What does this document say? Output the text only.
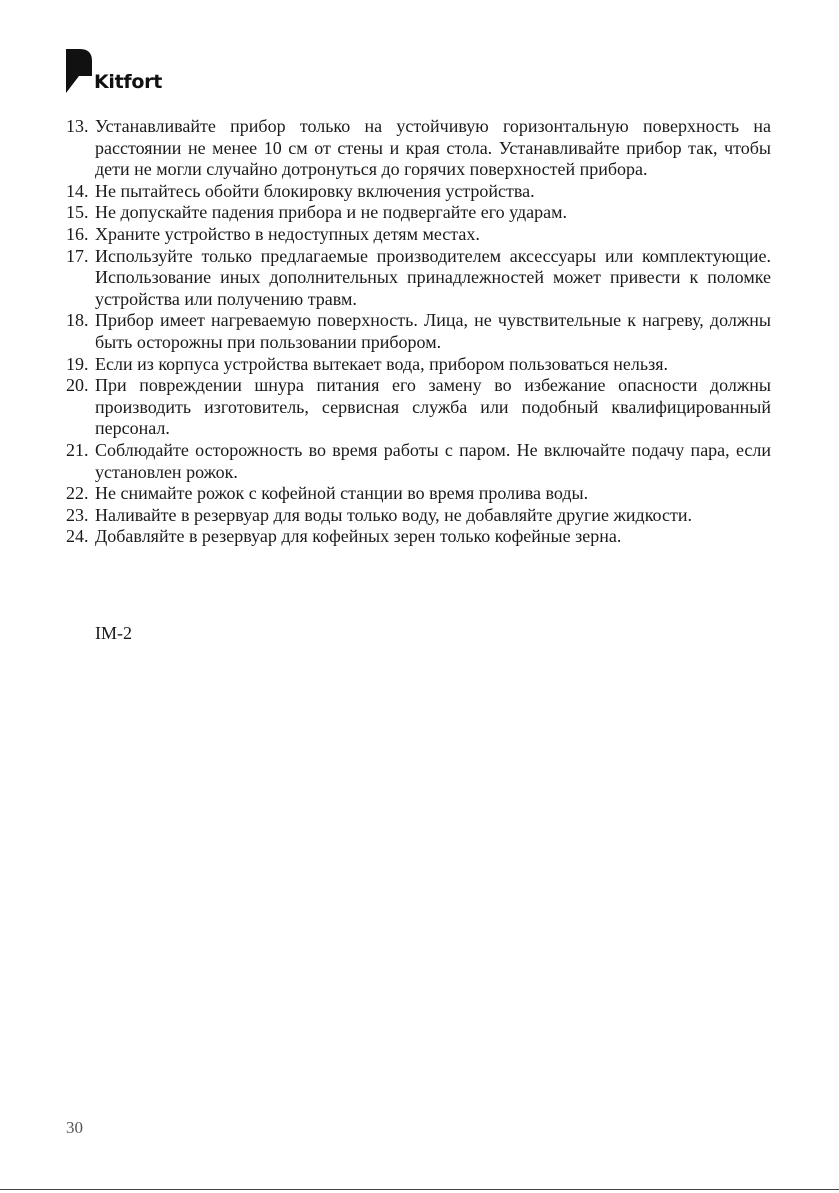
Kitfort
13. Устанавливайте прибор только на устойчивую горизонтальную поверхность на расстоянии не менее 10 см от стены и края стола. Устанавливайте прибор так, чтобы дети не могли случайно дотронуться до горячих поверхностей прибора.
14. Не пытайтесь обойти блокировку включения устройства.
15. Не допускайте падения прибора и не подвергайте его ударам.
16. Храните устройство в недоступных детям местах.
17. Используйте только предлагаемые производителем аксессуары или комплектующие. Использование иных дополнительных принадлежностей может привести к поломке устройства или получению травм.
18. Прибор имеет нагреваемую поверхность. Лица, не чувствительные к нагреву, должны быть осторожны при пользовании прибором.
19. Если из корпуса устройства вытекает вода, прибором пользоваться нельзя.
20. При повреждении шнура питания его замену во избежание опасности должны производить изготовитель, сервисная служба или подобный квалифицированный персонал.
21. Соблюдайте осторожность во время работы с паром. Не включайте подачу пара, если установлен рожок.
22. Не снимайте рожок с кофейной станции во время пролива воды.
23. Наливайте в резервуар для воды только воду, не добавляйте другие жидкости.
24. Добавляйте в резервуар для кофейных зерен только кофейные зерна.
IM-2
30
